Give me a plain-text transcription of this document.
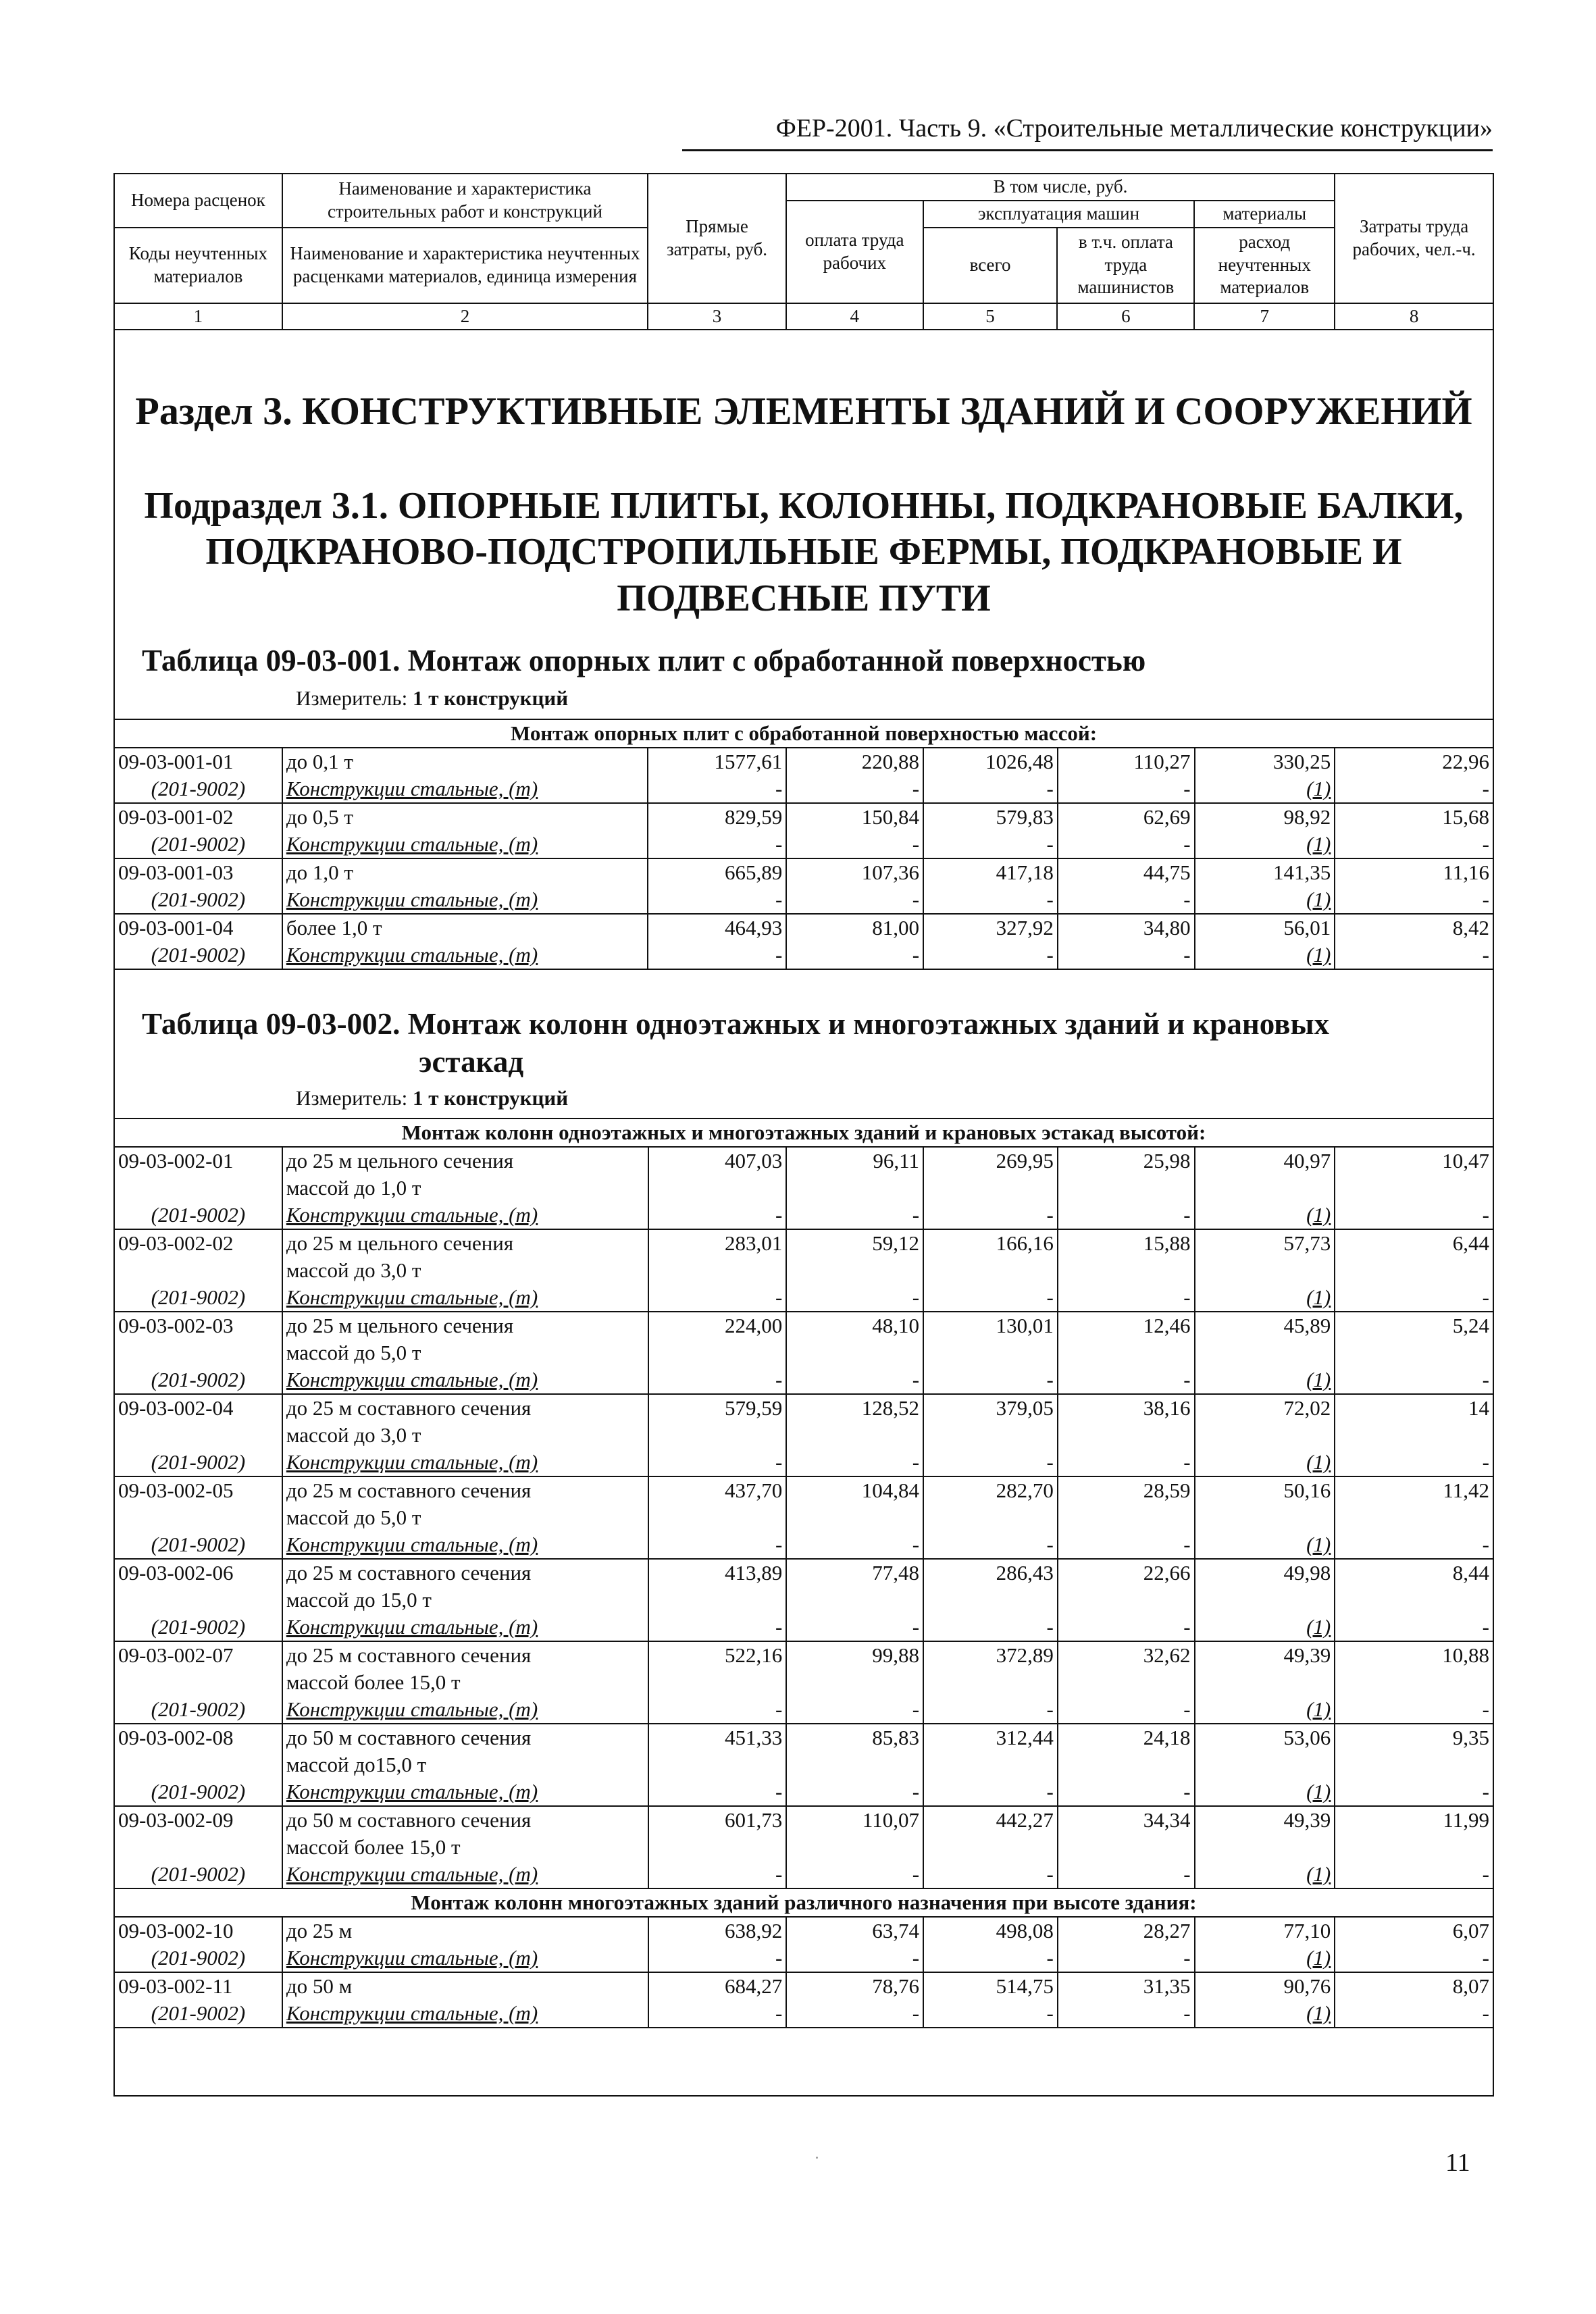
ФЕР-2001. Часть 9. «Строительные металлические конструкции»
Номера расценок	Наименование и характеристика строительных работ и конструкций	Прямые затраты, руб.	В том числе, руб.				Затраты труда рабочих, чел.-ч.
			оплата труда рабочих	эксплуатация машин		материалы	
Коды неучтенных материалов	Наименование и характеристика неучтенных расценками материалов, единица измерения			всего	в т.ч. оплата труда машинистов	расход неучтенных материалов	

1	2	3	4	5	6	7	8
Раздел 3. КОНСТРУКТИВНЫЕ ЭЛЕМЕНТЫ ЗДАНИЙ И СООРУЖЕНИЙ
Подраздел 3.1. ОПОРНЫЕ ПЛИТЫ, КОЛОННЫ, ПОДКРАНОВЫЕ БАЛКИ,
ПОДКРАНОВО-ПОДСТРОПИЛЬНЫЕ ФЕРМЫ, ПОДКРАНОВЫЕ И
ПОДВЕСНЫЕ ПУТИ
Таблица 09-03-001. Монтаж опорных плит с обработанной поверхностью
Измеритель: 1 т конструкций
Монтаж опорных плит с обработанной поверхностью массой:							
09-03-001-01	до 0,1 т	1577,61	220,88	1026,48	110,27	330,25	22,96
(201-9002)	Конструкции стальные, (т)	-	-	-	-	(1)	-
09-03-001-02	до 0,5 т	829,59	150,84	579,83	62,69	98,92	15,68
(201-9002)	Конструкции стальные, (т)	-	-	-	-	(1)	-
09-03-001-03	до 1,0 т	665,89	107,36	417,18	44,75	141,35	11,16
(201-9002)	Конструкции стальные, (т)	-	-	-	-	(1)	-
09-03-001-04	более 1,0 т	464,93	81,00	327,92	34,80	56,01	8,42
(201-9002)	Конструкции стальные, (т)	-	-	-	-	(1)	-
Таблица 09-03-002. Монтаж колонн одноэтажных и многоэтажных зданий и крановых
эстакад
Измеритель: 1 т конструкций
Монтаж колонн одноэтажных и многоэтажных зданий и крановых эстакад высотой:							
09-03-002-01	до 25 м цельного сечения	407,03	96,11	269,95	25,98	40,97	10,47
	массой до 1,0 т						
(201-9002)	Конструкции стальные, (т)	-	-	-	-	(1)	-
09-03-002-02	до 25 м цельного сечения	283,01	59,12	166,16	15,88	57,73	6,44
	массой до 3,0 т						
(201-9002)	Конструкции стальные, (т)	-	-	-	-	(1)	-
09-03-002-03	до 25 м цельного сечения	224,00	48,10	130,01	12,46	45,89	5,24
	массой до 5,0 т						
(201-9002)	Конструкции стальные, (т)	-	-	-	-	(1)	-
09-03-002-04	до 25 м составного сечения	579,59	128,52	379,05	38,16	72,02	14
	массой до 3,0 т						
(201-9002)	Конструкции стальные, (т)	-	-	-	-	(1)	-
09-03-002-05	до 25 м составного сечения	437,70	104,84	282,70	28,59	50,16	11,42
	массой до 5,0 т						
(201-9002)	Конструкции стальные, (т)	-	-	-	-	(1)	-
09-03-002-06	до 25 м составного сечения	413,89	77,48	286,43	22,66	49,98	8,44
	массой до 15,0 т						
(201-9002)	Конструкции стальные, (т)	-	-	-	-	(1)	-
09-03-002-07	до 25 м составного сечения	522,16	99,88	372,89	32,62	49,39	10,88
	массой более 15,0 т						
(201-9002)	Конструкции стальные, (т)	-	-	-	-	(1)	-
09-03-002-08	до 50 м составного сечения	451,33	85,83	312,44	24,18	53,06	9,35
	массой до15,0 т						
(201-9002)	Конструкции стальные, (т)	-	-	-	-	(1)	-
09-03-002-09	до 50 м составного сечения	601,73	110,07	442,27	34,34	49,39	11,99
	массой более 15,0 т						
(201-9002)	Конструкции стальные, (т)	-	-	-	-	(1)	-
Монтаж колонн многоэтажных зданий различного назначения при высоте здания:							
09-03-002-10	до 25 м	638,92	63,74	498,08	28,27	77,10	6,07
(201-9002)	Конструкции стальные, (т)	-	-	-	-	(1)	-
09-03-002-11	до 50 м	684,27	78,76	514,75	31,35	90,76	8,07
(201-9002)	Конструкции стальные, (т)	-	-	-	-	(1)	-
11
